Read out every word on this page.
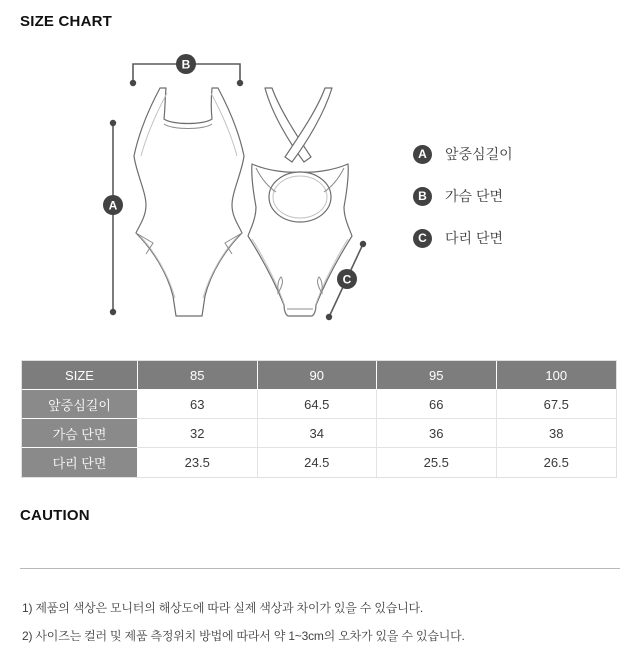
SIZE CHART
A
B
C
A	앞중심길이
B	가슴 단면
C	다리 단면
SIZE	85	90	95	100
앞중심길이	63	64.5	66	67.5
가슴 단면	32	34	36	38
다리 단면	23.5	24.5	25.5	26.5
CAUTION
1) 제품의 색상은 모니터의 해상도에 따라 실제 색상과 차이가 있을 수 있습니다.
2) 사이즈는 컬러 및 제품 측정위치 방법에 따라서 약 1~3cm의 오차가 있을 수 있습니다.
